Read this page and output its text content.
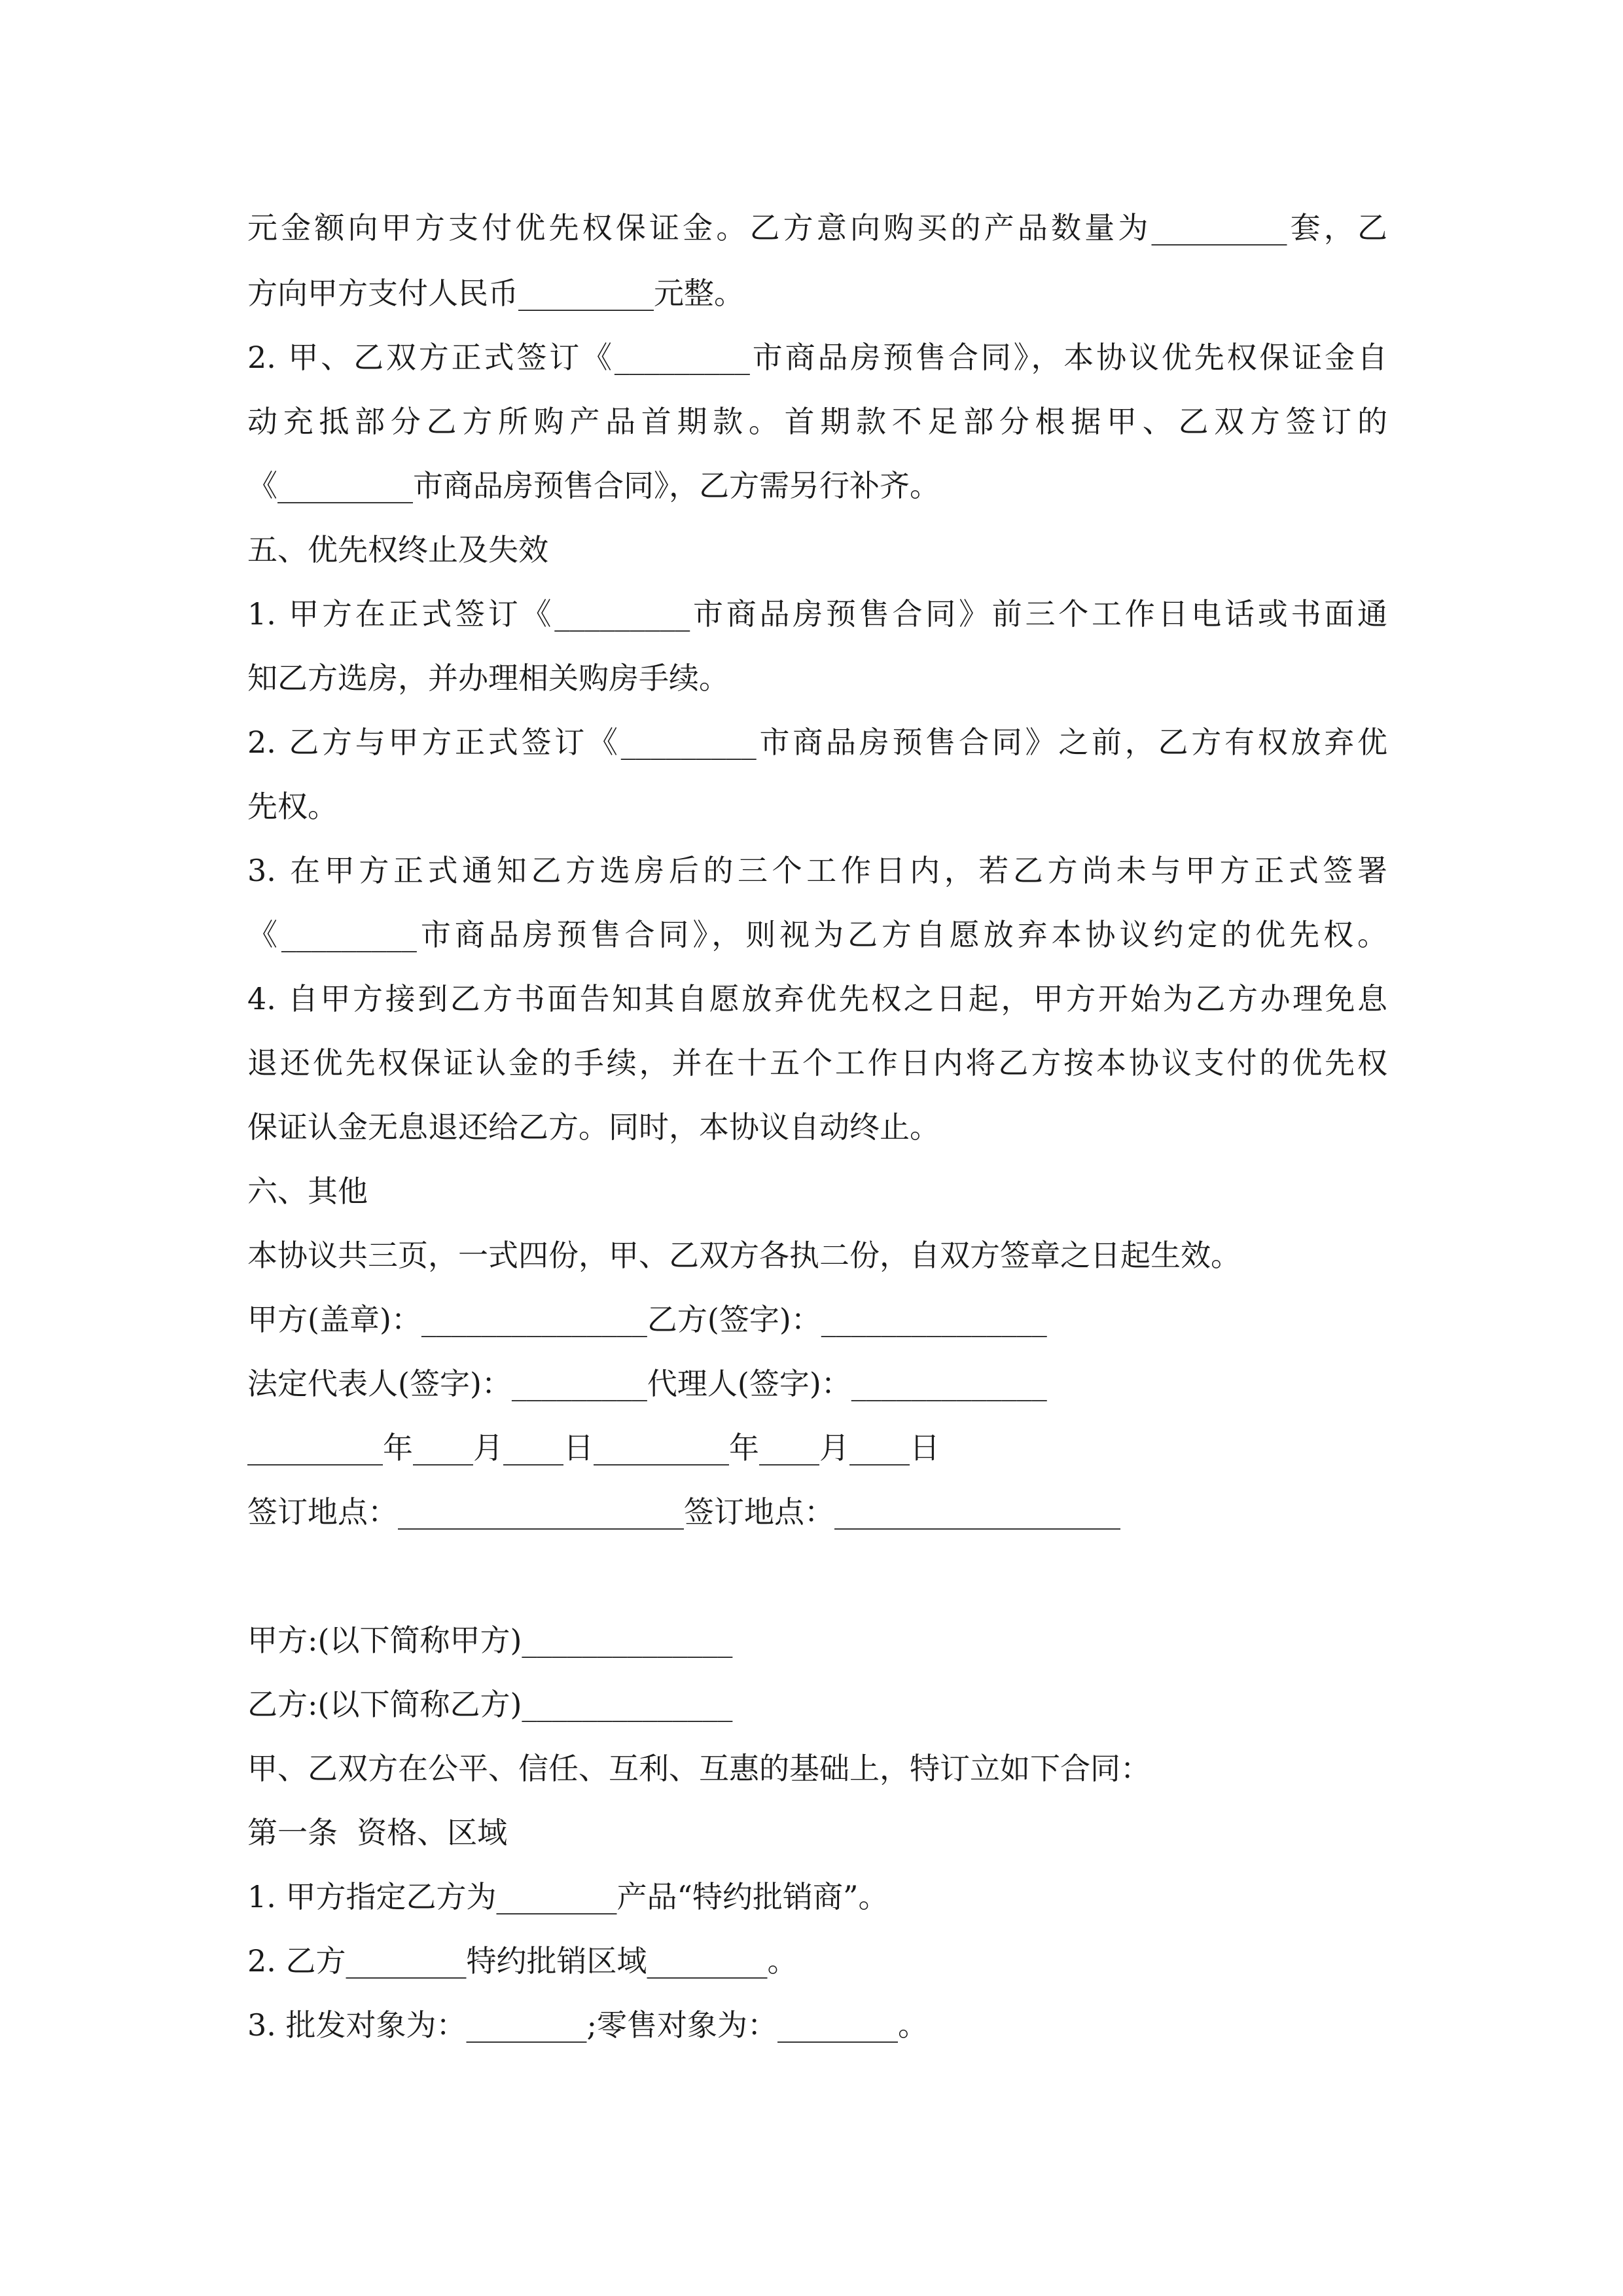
元金额向甲方支付优先权保证金。乙方意向购买的产品数量为_________套，乙
方向甲方支付人民币_________元整。
2. 甲、乙双方正式签订《_________市商品房预售合同》，本协议优先权保证金自
动充抵部分乙方所购产品首期款。首期款不足部分根据甲、乙双方签订的
《_________市商品房预售合同》，乙方需另行补齐。
五、优先权终止及失效
1. 甲方在正式签订《_________市商品房预售合同》前三个工作日电话或书面通
知乙方选房，并办理相关购房手续。
2. 乙方与甲方正式签订《_________市商品房预售合同》之前，乙方有权放弃优
先权。
3. 在甲方正式通知乙方选房后的三个工作日内，若乙方尚未与甲方正式签署
《_________市商品房预售合同》，则视为乙方自愿放弃本协议约定的优先权。
4. 自甲方接到乙方书面告知其自愿放弃优先权之日起，甲方开始为乙方办理免息
退还优先权保证认金的手续，并在十五个工作日内将乙方按本协议支付的优先权
保证认金无息退还给乙方。同时，本协议自动终止。
六、其他
本协议共三页，一式四份，甲、乙双方各执二份，自双方签章之日起生效。
甲方(盖章)：_______________乙方(签字)：_______________
法定代表人(签字)：_________代理人(签字)：_____________
_________年____月____日_________年____月____日
签订地点：___________________签订地点：___________________
甲方:(以下简称甲方)______________
乙方:(以下简称乙方)______________
甲、乙双方在公平、信任、互利、互惠的基础上，特订立如下合同：
第一条  资格、区域
1. 甲方指定乙方为________产品“特约批销商”。
2. 乙方________特约批销区域________。
3. 批发对象为：________;零售对象为：________。
